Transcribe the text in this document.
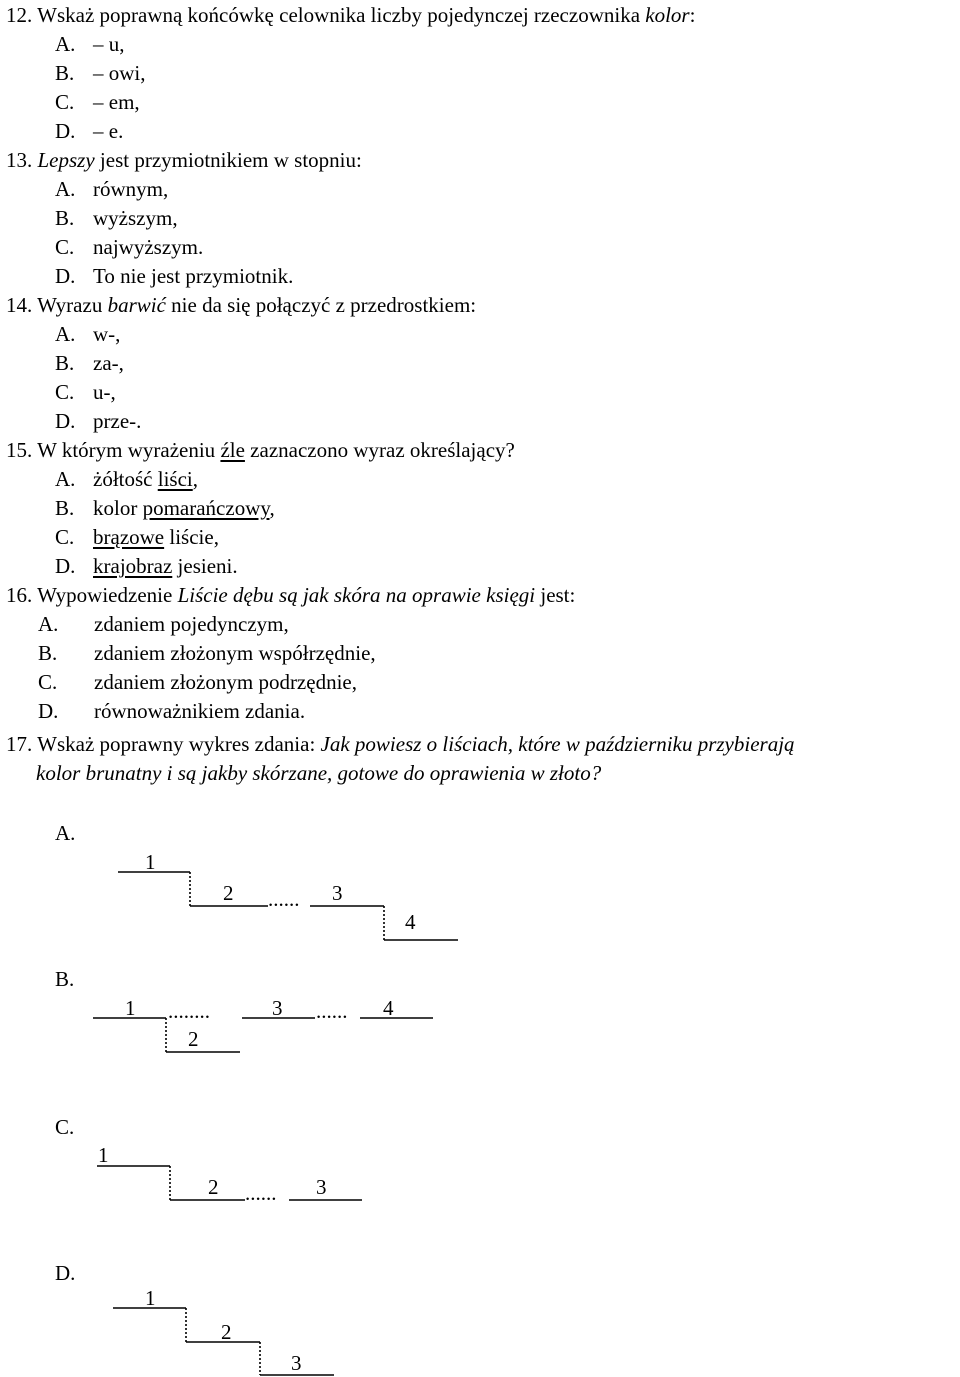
12. Wskaż poprawną końcówkę celownika liczby pojedynczej rzeczownika kolor:
A. – u,
B. – owi,
C. – em,
D. – e.
13. Lepszy jest przymiotnikiem w stopniu:
A. równym,
B. wyższym,
C. najwyższym.
D. To nie jest przymiotnik.
14. Wyrazu barwić nie da się połączyć z przedrostkiem:
A. w-,
B. za-,
C. u-,
D. prze-.
15. W którym wyrażeniu źle zaznaczono wyraz określający?
A. żółtość liści,
B. kolor pomarańczowy,
C. brązowe liście,
D. krajobraz jesieni.
16. Wypowiedzenie Liście dębu są jak skóra na oprawie księgi jest:
A. zdaniem pojedynczym,
B. zdaniem złożonym współrzędnie,
C. zdaniem złożonym podrzędnie,
D. równoważnikiem zdania.
17. Wskaż poprawny wykres zdania: Jak powiesz o liściach, które w październiku przybierają
kolor brunatny i są jakby skórzane, gotowe do oprawienia w złoto?
A.
B.
C.
D.
1
2 ...... 3
4
1 ........	3 ...... 4
2
1
2 ...... 3
1
2
3
